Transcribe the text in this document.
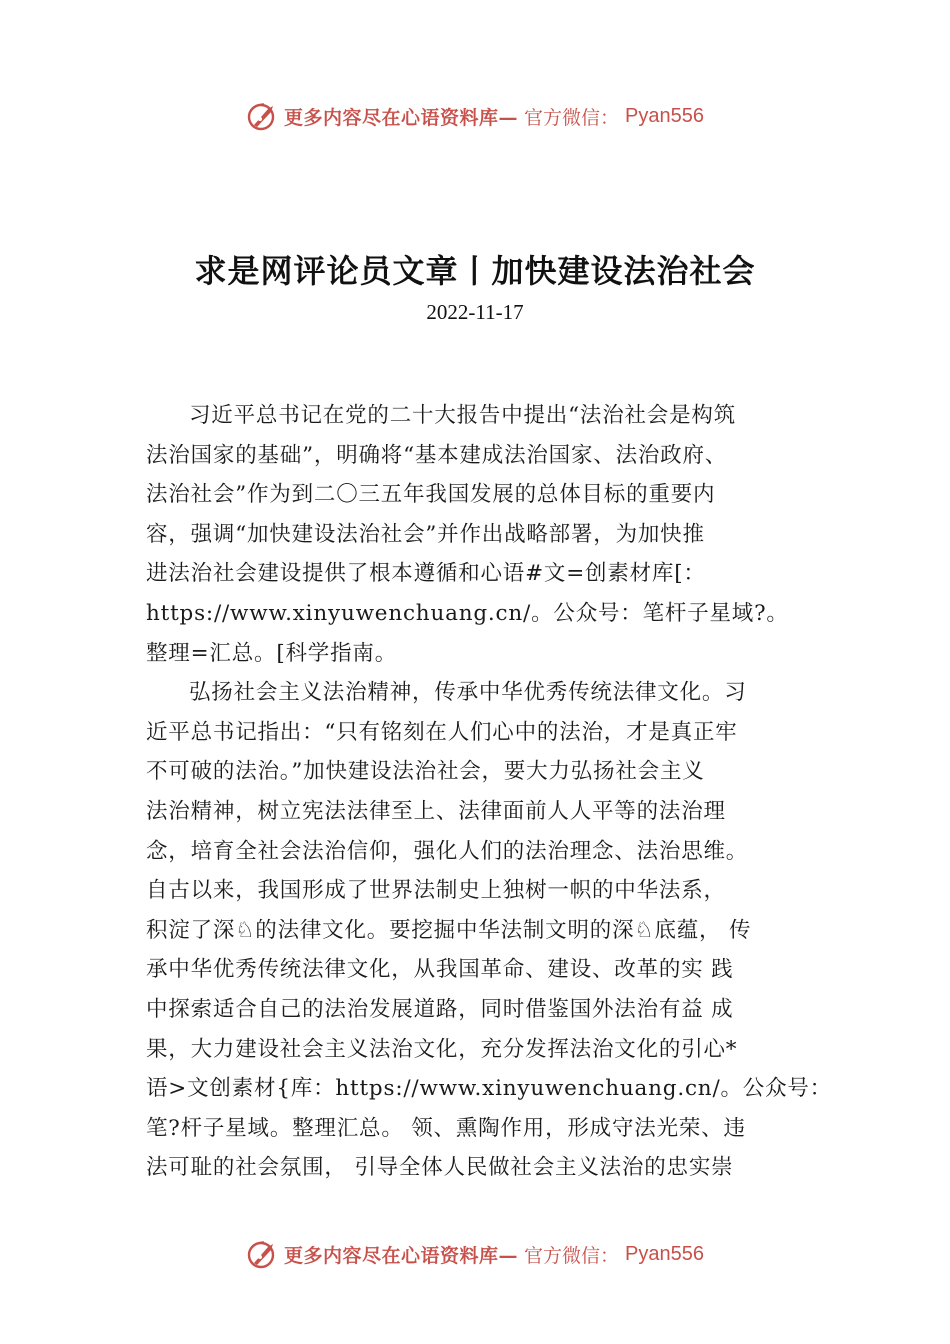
更多内容尽在心语资料库— 官方微信： Pyan556
求是网评论员文章丨加快建设法治社会
2022-11-17
习近平总书记在党的二十大报告中提出“法治社会是构筑
法治国家的基础”，明确将“基本建成法治国家、法治政府、
法治社会”作为到二〇三五年我国发展的总体目标的重要内
容，强调“加快建设法治社会”并作出战略部署，为加快推
进法治社会建设提供了根本遵循和心语#文=创素材库[：
https://www.xinyuwenchuang.cn/。公众号：笔杆子星域?。
整理=汇总。[科学指南。
弘扬社会主义法治精神，传承中华优秀传统法律文化。习
近平总书记指出：“只有铭刻在人们心中的法治，才是真正牢
不可破的法治。”加快建设法治社会，要大力弘扬社会主义
法治精神，树立宪法法律至上、法律面前人人平等的法治理
念，培育全社会法治信仰，强化人们的法治理念、法治思维。
自古以来，我国形成了世界法制史上独树一帜的中华法系，
积淀了深♘的法律文化。要挖掘中华法制文明的深♘底蕴， 传
承中华优秀传统法律文化，从我国革命、建设、改革的实 践
中探索适合自己的法治发展道路，同时借鉴国外法治有益 成
果，大力建设社会主义法治文化，充分发挥法治文化的引心*
语>文创素材{库：https://www.xinyuwenchuang.cn/。公众号：
笔?杆子星域。整理汇总。 领、熏陶作用，形成守法光荣、违
法可耻的社会氛围， 引导全体人民做社会主义法治的忠实崇
更多内容尽在心语资料库— 官方微信： Pyan556
